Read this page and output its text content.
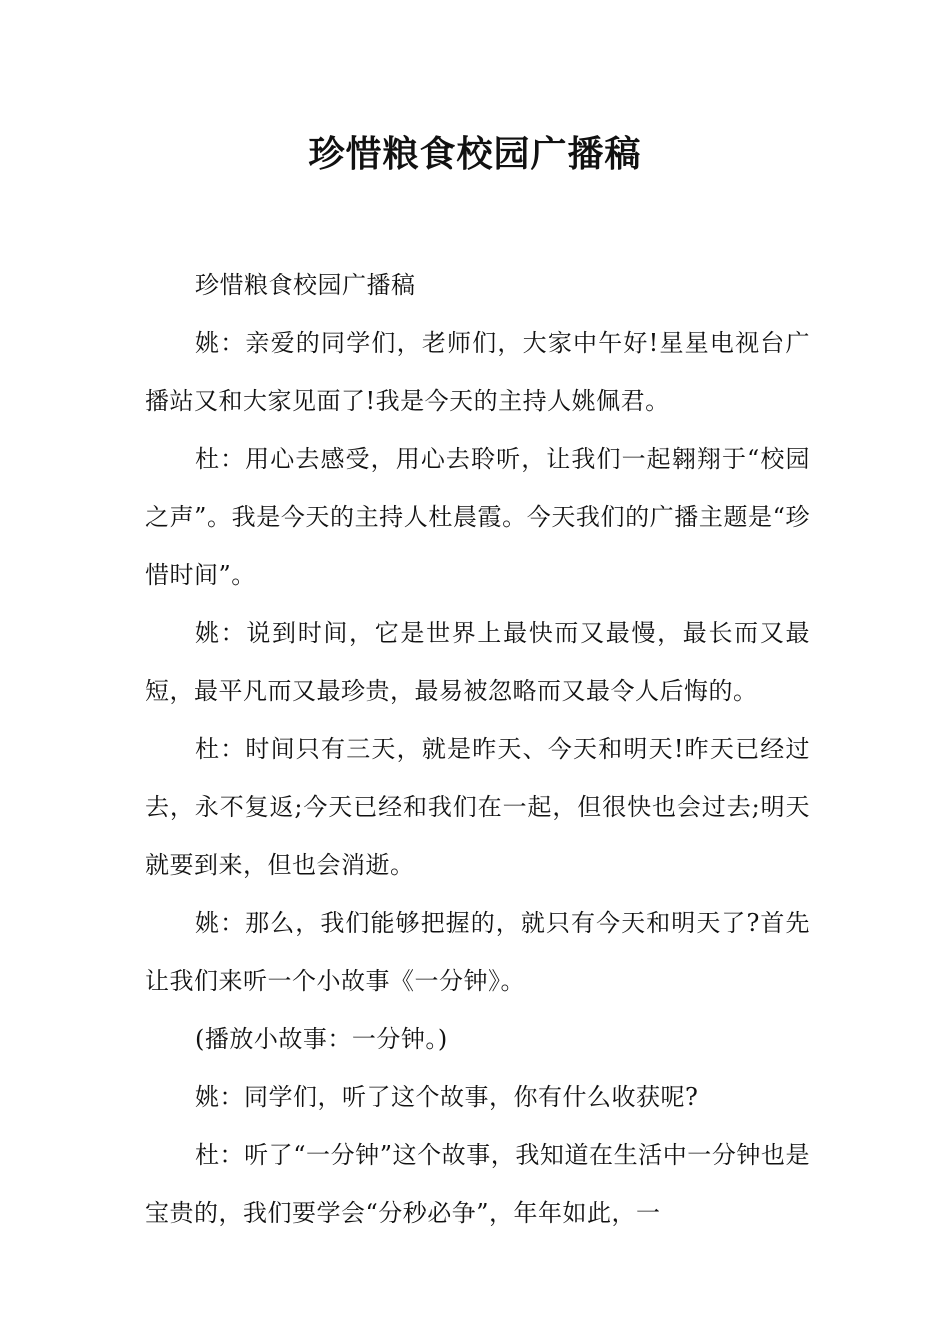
珍惜粮食校园广播稿

珍惜粮食校园广播稿

姚：亲爱的同学们，老师们，大家中午好!星星电视台广播站又和大家见面了!我是今天的主持人姚佩君。

杜：用心去感受，用心去聆听，让我们一起翱翔于“校园之声”。我是今天的主持人杜晨霞。今天我们的广播主题是“珍惜时间”。

姚：说到时间，它是世界上最快而又最慢，最长而又最短，最平凡而又最珍贵，最易被忽略而又最令人后悔的。

杜：时间只有三天，就是昨天、今天和明天!昨天已经过去，永不复返;今天已经和我们在一起，但很快也会过去;明天就要到来，但也会消逝。

姚：那么，我们能够把握的，就只有今天和明天了?首先让我们来听一个小故事《一分钟》。

(播放小故事：一分钟。)

姚：同学们，听了这个故事，你有什么收获呢?

杜：听了“一分钟”这个故事，我知道在生活中一分钟也是宝贵的，我们要学会“分秒必争”，年年如此，一
